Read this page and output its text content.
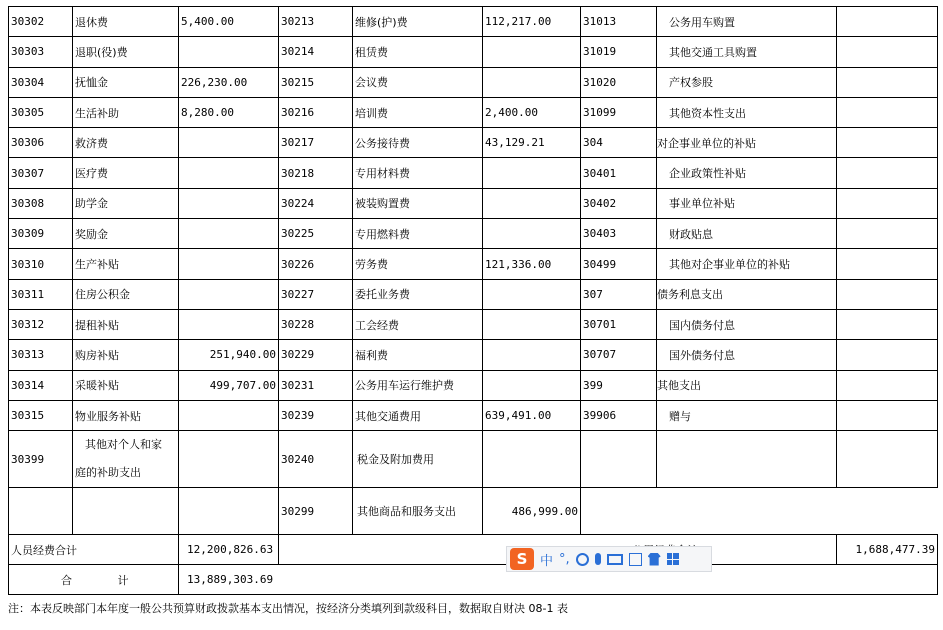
30302	退休费	5,400.00	30213	维修(护)费	112,217.00	31013	公务用车购置	
30303	退职(役)费		30214	租赁费		31019	其他交通工具购置	
30304	抚恤金	226,230.00	30215	会议费		31020	产权参股	
30305	生活补助	8,280.00	30216	培训费	2,400.00	31099	其他资本性支出	
30306	救济费		30217	公务接待费	43,129.21	304	对企事业单位的补贴	
30307	医疗费		30218	专用材料费		30401	企业政策性补贴	
30308	助学金		30224	被装购置费		30402	事业单位补贴	
30309	奖励金		30225	专用燃料费		30403	财政贴息	
30310	生产补贴		30226	劳务费	121,336.00	30499	其他对企事业单位的补贴	
30311	住房公积金		30227	委托业务费		307	债务利息支出	
30312	提租补贴		30228	工会经费		30701	国内债务付息	
30313	购房补贴	251,940.00	30229	福利费		30707	国外债务付息	
30314	采暖补贴	499,707.00	30231	公务用车运行维护费		399	其他支出	
30315	物业服务补贴		30239	其他交通费用	639,491.00	39906	赠与	
30399	其他对个人和家
庭的补助支出		30240	税金及附加费用				
			30299	其他商品和服务支出	486,999.00			
人员经费合计		12,200,826.63						1,688,477.39
合 计		13,889,303.69						
注：本表反映部门本年度一般公共预算财政拨款基本支出情况，按经济分类填列到款级科目，数据取自财决 08-1 表
S 中 °,
